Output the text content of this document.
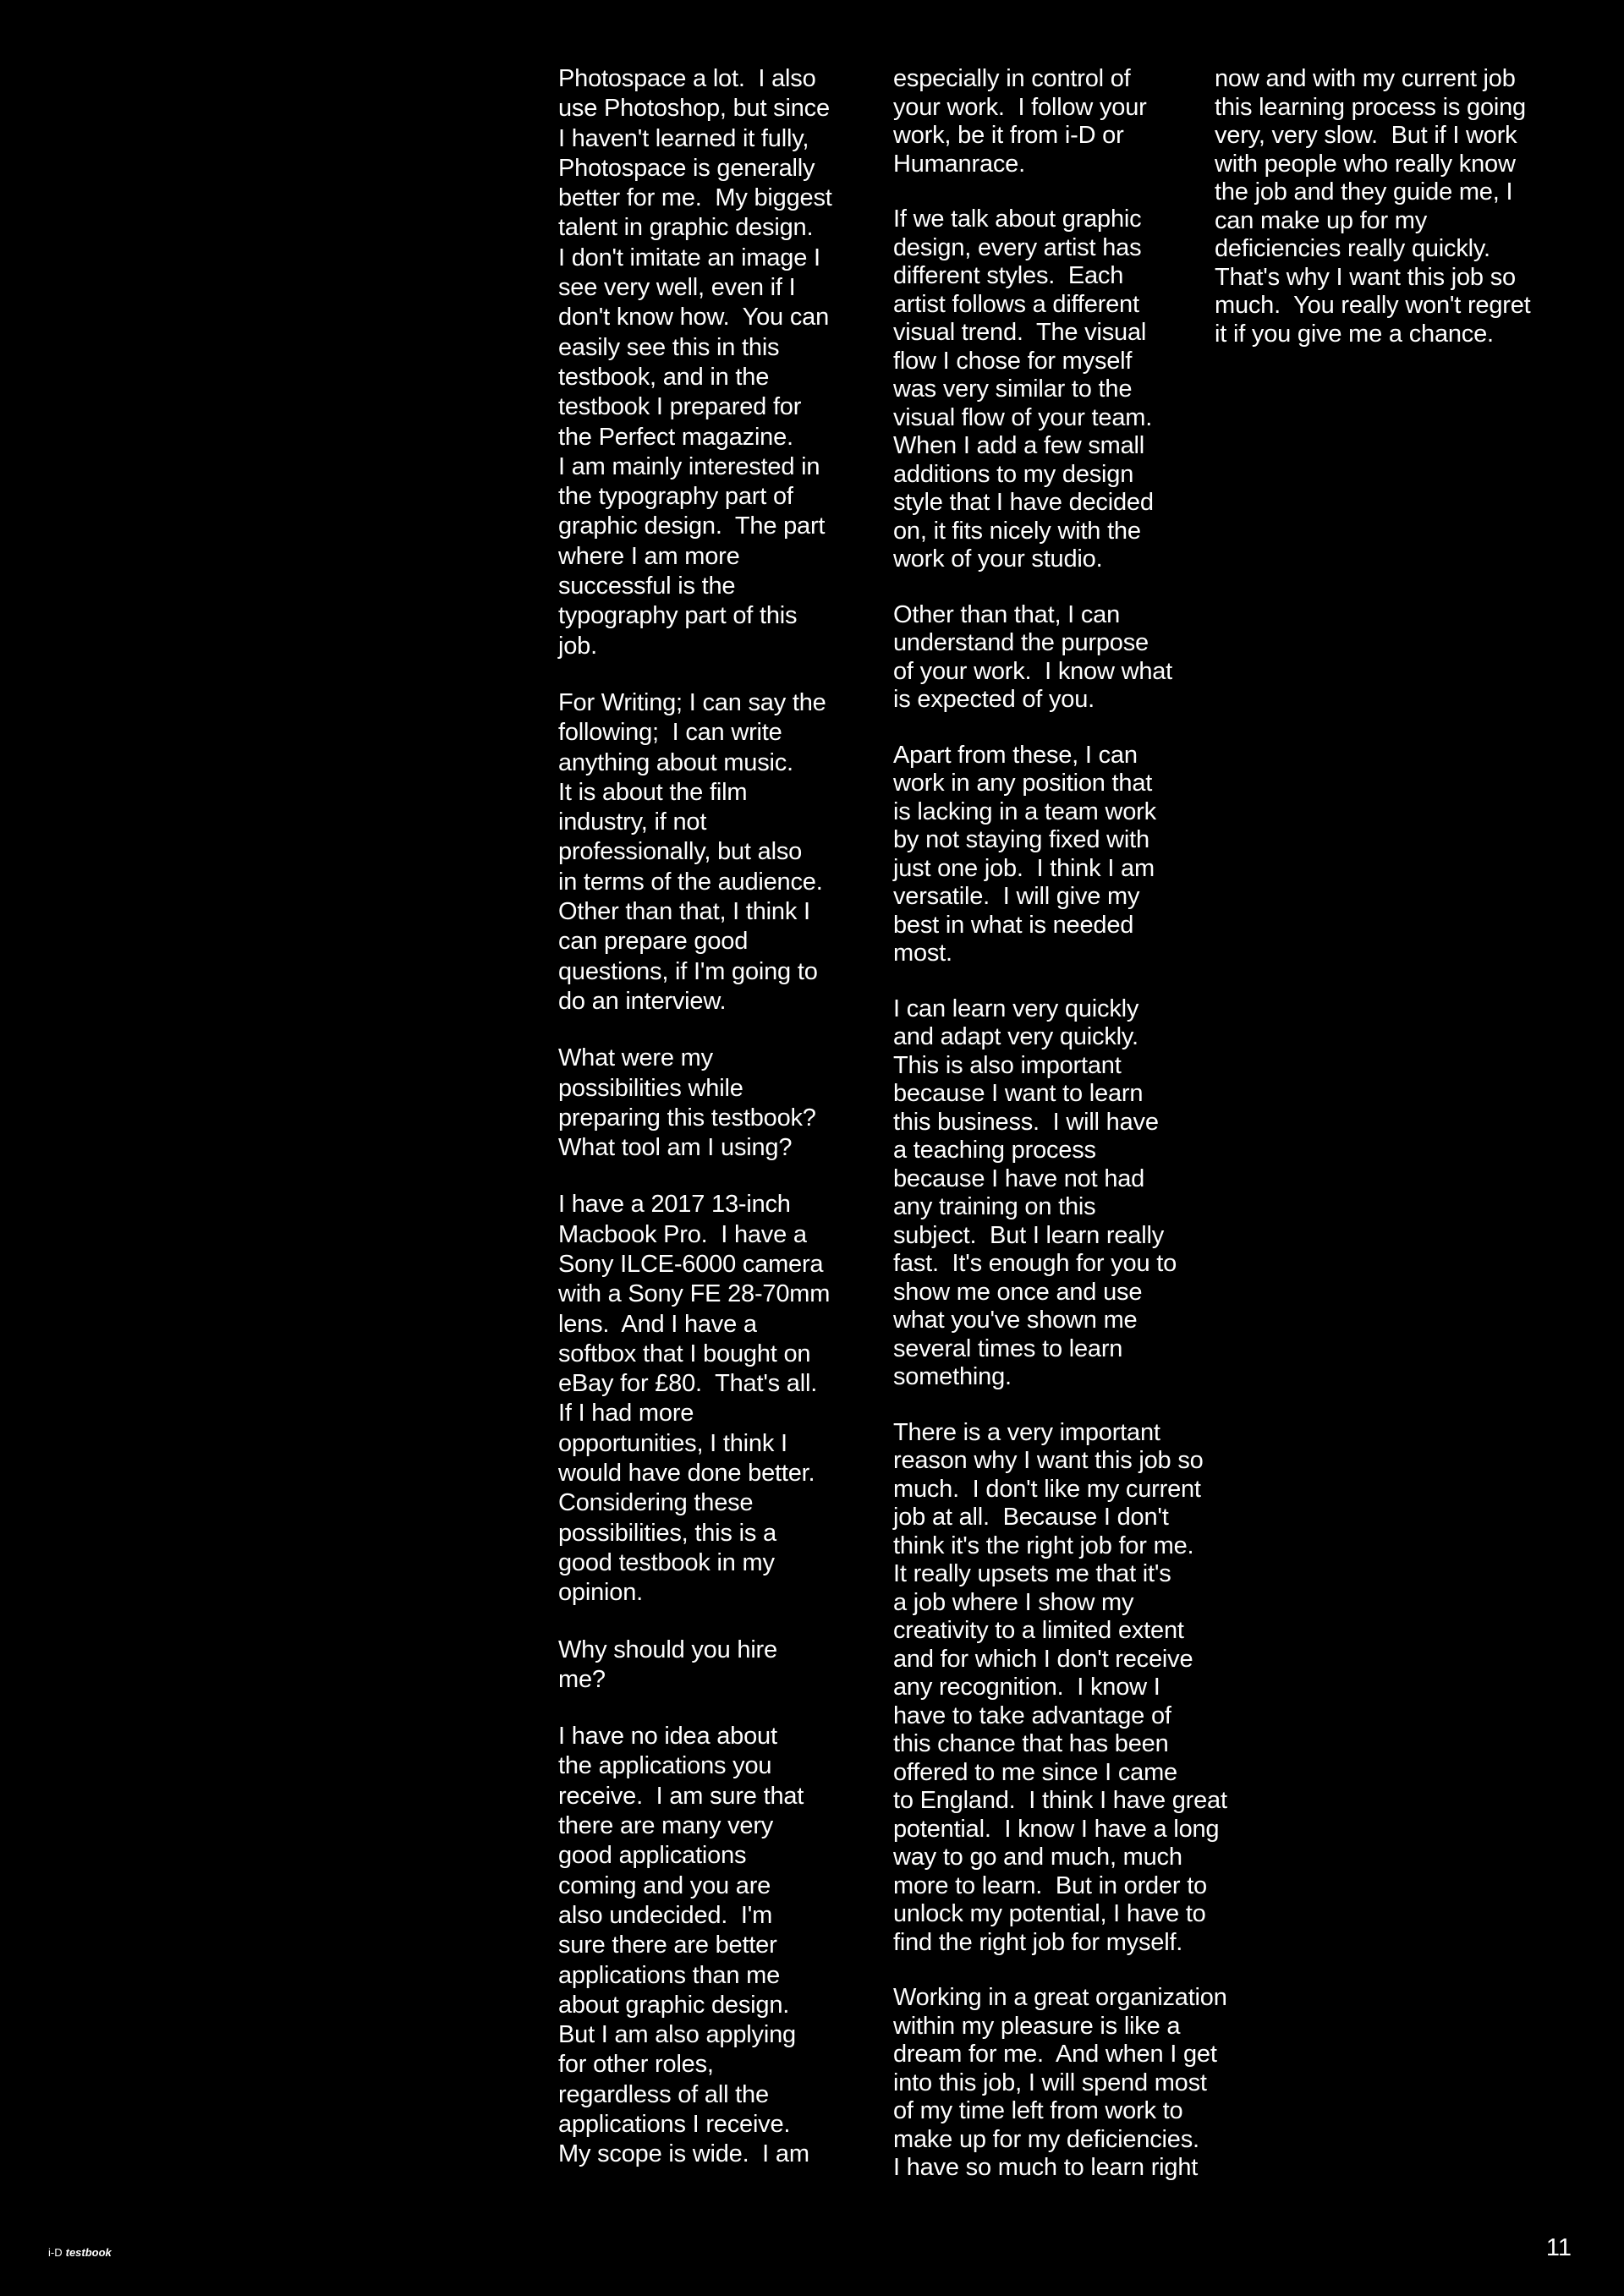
Photospace a lot.  I also
use Photoshop, but since
I haven't learned it fully,
Photospace is generally
better for me.  My biggest
talent in graphic design.
I don't imitate an image I
see very well, even if I
don't know how.  You can
easily see this in this
testbook, and in the
testbook I prepared for
the Perfect magazine.
I am mainly interested in
the typography part of
graphic design.  The part
where I am more
successful is the
typography part of this
job.
For Writing; I can say the
following;  I can write
anything about music.
It is about the film
industry, if not
professionally, but also
in terms of the audience.
Other than that, I think I
can prepare good
questions, if I'm going to
do an interview.
What were my
possibilities while
preparing this testbook?
What tool am I using?
I have a 2017 13-inch
Macbook Pro.  I have a
Sony ILCE-6000 camera
with a Sony FE 28-70mm
lens.  And I have a
softbox that I bought on
eBay for £80.  That's all.
If I had more
opportunities, I think I
would have done better.
Considering these
possibilities, this is a
good testbook in my
opinion.
Why should you hire
me?
I have no idea about
the applications you
receive.  I am sure that
there are many very
good applications
coming and you are
also undecided.  I'm
sure there are better
applications than me
about graphic design.
But I am also applying
for other roles,
regardless of all the
applications I receive.
My scope is wide.  I am
especially in control of
your work.  I follow your
work, be it from i-D or
Humanrace.
If we talk about graphic
design, every artist has
different styles.  Each
artist follows a different
visual trend.  The visual
flow I chose for myself
was very similar to the
visual flow of your team.
When I add a few small
additions to my design
style that I have decided
on, it fits nicely with the
work of your studio.
Other than that, I can
understand the purpose
of your work.  I know what
is expected of you.
Apart from these, I can
work in any position that
is lacking in a team work
by not staying fixed with
just one job.  I think I am
versatile.  I will give my
best in what is needed
most.
I can learn very quickly
and adapt very quickly.
This is also important
because I want to learn
this business.  I will have
a teaching process
because I have not had
any training on this
subject.  But I learn really
fast.  It's enough for you to
show me once and use
what you've shown me
several times to learn
something.
There is a very important
reason why I want this job so
much.  I don't like my current
job at all.  Because I don't
think it's the right job for me.
It really upsets me that it's
a job where I show my
creativity to a limited extent
and for which I don't receive
any recognition.  I know I
have to take advantage of
this chance that has been
offered to me since I came
to England.  I think I have great
potential.  I know I have a long
way to go and much, much
more to learn.  But in order to
unlock my potential, I have to
find the right job for myself.
Working in a great organization
within my pleasure is like a
dream for me.  And when I get
into this job, I will spend most
of my time left from work to
make up for my deficiencies.
I have so much to learn right
now and with my current job
this learning process is going
very, very slow.  But if I work
with people who really know
the job and they guide me, I
can make up for my
deficiencies really quickly.
That's why I want this job so
much.  You really won't regret
it if you give me a chance.
i-D testbook	11
